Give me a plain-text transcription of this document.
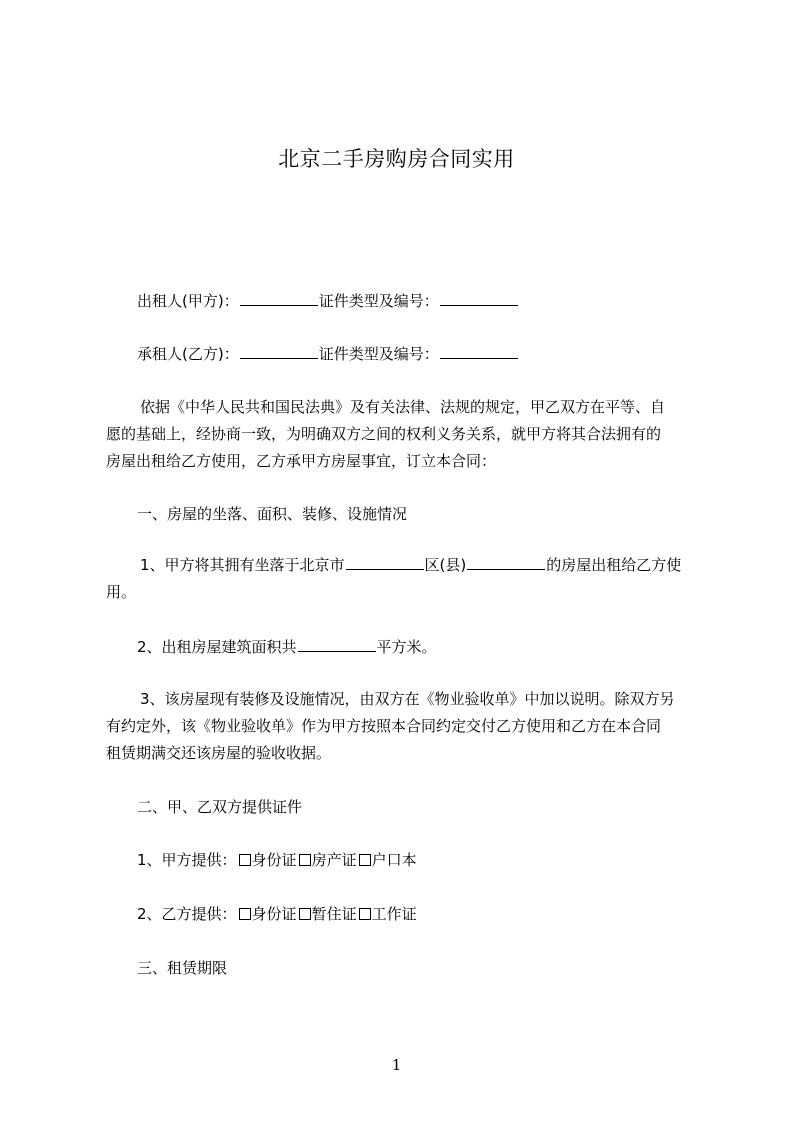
北京二手房购房合同实用
出租人(甲方)：	证件类型及编号：
承租人(乙方)：	证件类型及编号：
依据《中华人民共和国民法典》及有关法律、法规的规定，甲乙双方在平等、自
愿的基础上，经协商一致，为明确双方之间的权利义务关系，就甲方将其合法拥有的
房屋出租给乙方使用，乙方承甲方房屋事宜，订立本合同：
一、房屋的坐落、面积、装修、设施情况
1、甲方将其拥有坐落于北京市	区(县)	的房屋出租给乙方使
用。
2、出租房屋建筑面积共	平方米。
3、该房屋现有装修及设施情况，由双方在《物业验收单》中加以说明。除双方另
有约定外，该《物业验收单》作为甲方按照本合同约定交付乙方使用和乙方在本合同
租赁期满交还该房屋的验收收据。
二、甲、乙双方提供证件
1、甲方提供： 身份证 房产证 户口本
2、乙方提供： 身份证 暂住证 工作证
三、租赁期限
1
